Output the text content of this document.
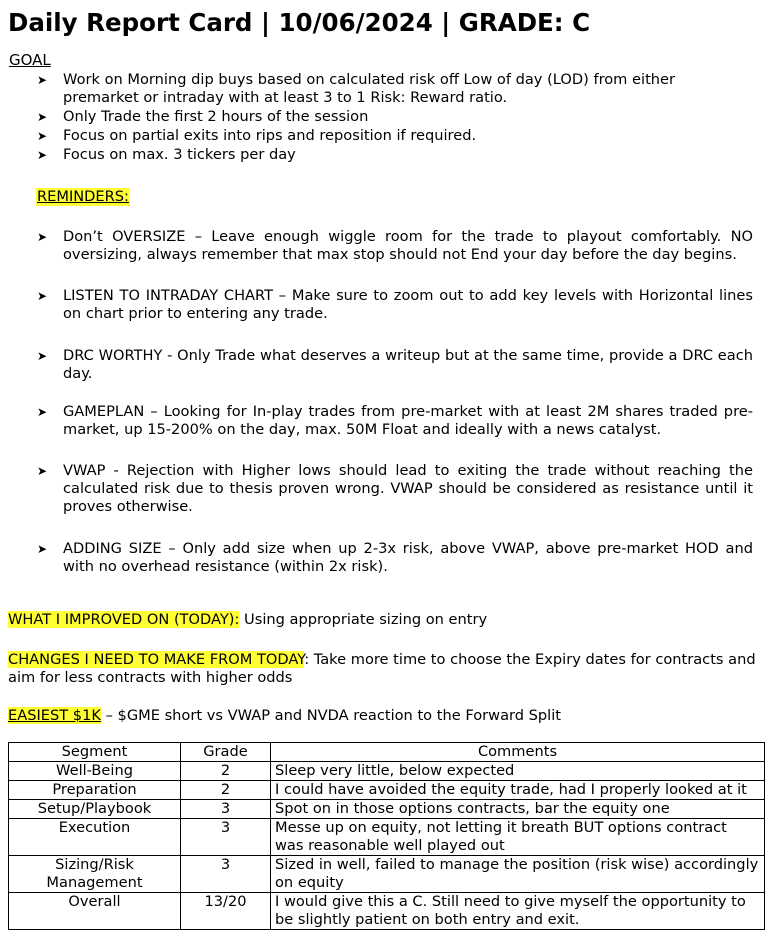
Daily Report Card | 10/06/2024 | GRADE: C
GOAL
➤ Work on Morning dip buys based on calculated risk off Low of day (LOD) from either premarket or intraday with at least 3 to 1 Risk: Reward ratio.
➤ Only Trade the first 2 hours of the session
➤ Focus on partial exits into rips and reposition if required.
➤ Focus on max. 3 tickers per day
REMINDERS:
➤ Don’t OVERSIZE – Leave enough wiggle room for the trade to playout comfortably. NO oversizing, always remember that max stop should not End your day before the day begins.
➤ LISTEN TO INTRADAY CHART – Make sure to zoom out to add key levels with Horizontal lines on chart prior to entering any trade.
➤ DRC WORTHY - Only Trade what deserves a writeup but at the same time, provide a DRC each day.
➤ GAMEPLAN – Looking for In-play trades from pre-market with at least 2M shares traded pre-market, up 15-200% on the day, max. 50M Float and ideally with a news catalyst.
➤ VWAP - Rejection with Higher lows should lead to exiting the trade without reaching the calculated risk due to thesis proven wrong. VWAP should be considered as resistance until it proves otherwise.
➤ ADDING SIZE – Only add size when up 2-3x risk, above VWAP, above pre-market HOD and with no overhead resistance (within 2x risk).
WHAT I IMPROVED ON (TODAY): Using appropriate sizing on entry
CHANGES I NEED TO MAKE FROM TODAY: Take more time to choose the Expiry dates for contracts and aim for less contracts with higher odds
EASIEST $1K – $GME short vs VWAP and NVDA reaction to the Forward Split
Segment	Grade	Comments
Well-Being	2	Sleep very little, below expected
Preparation	2	I could have avoided the equity trade, had I properly looked at it
Setup/Playbook	3	Spot on in those options contracts, bar the equity one
Execution	3	Messe up on equity, not letting it breath BUT options contract was reasonable well played out
Sizing/Risk Management	3	Sized in well, failed to manage the position (risk wise) accordingly on equity
Overall	13/20	I would give this a C. Still need to give myself the opportunity to be slightly patient on both entry and exit.
